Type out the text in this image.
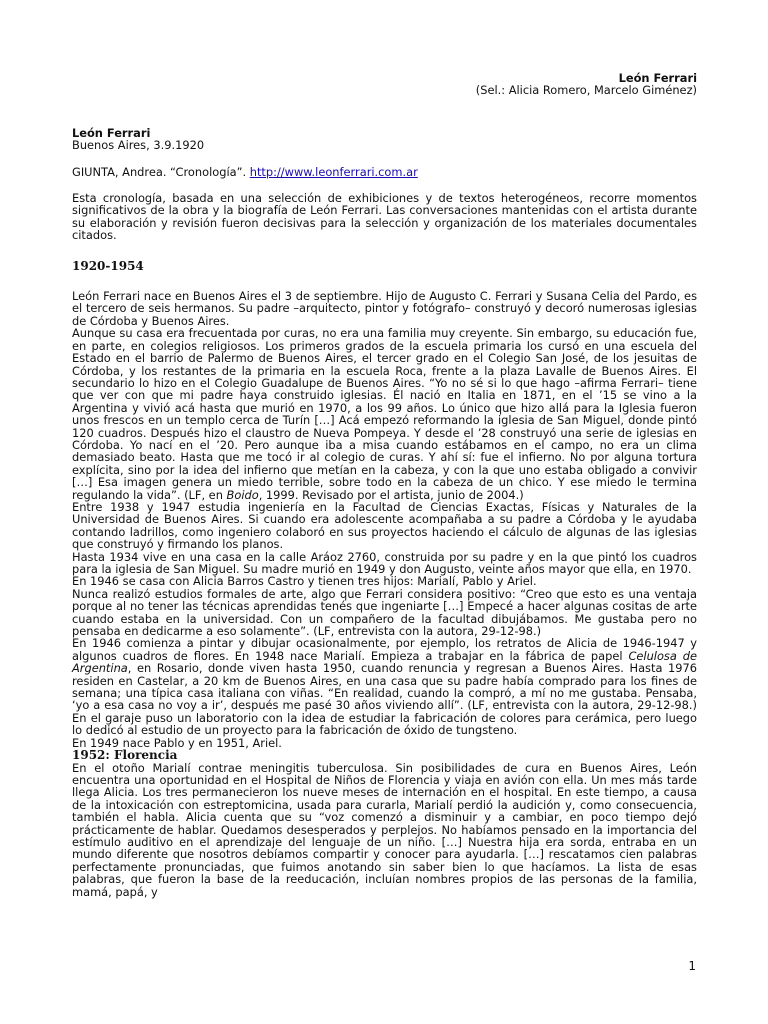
León Ferrari
(Sel.: Alicia Romero, Marcelo Giménez)
León Ferrari
Buenos Aires, 3.9.1920
GIUNTA, Andrea. “Cronología”. http://www.leonferrari.com.ar
Esta cronología, basada en una selección de exhibiciones y de textos heterogéneos, recorre momentos significativos de la obra y la biografía de León Ferrari. Las conversaciones mantenidas con el artista durante su elaboración y revisión fueron decisivas para la selección y organización de los materiales documentales citados.
1920-1954
León Ferrari nace en Buenos Aires el 3 de septiembre. Hijo de Augusto C. Ferrari y Susana Celia del Pardo, es el tercero de seis hermanos. Su padre –arquitecto, pintor y fotógrafo– construyó y decoró numerosas iglesias de Córdoba y Buenos Aires.
Aunque su casa era frecuentada por curas, no era una familia muy creyente. Sin embargo, su educación fue, en parte, en colegios religiosos. Los primeros grados de la escuela primaria los cursó en una escuela del Estado en el barrio de Palermo de Buenos Aires, el tercer grado en el Colegio San José, de los jesuitas de Córdoba, y los restantes de la primaria en la escuela Roca, frente a la plaza Lavalle de Buenos Aires. El secundario lo hizo en el Colegio Guadalupe de Buenos Aires. “Yo no sé si lo que hago –afirma Ferrari– tiene que ver con que mi padre haya construido iglesias. Él nació en Italia en 1871, en el ’15 se vino a la Argentina y vivió acá hasta que murió en 1970, a los 99 años. Lo único que hizo allá para la Iglesia fueron unos frescos en un templo cerca de Turín […] Acá empezó reformando la iglesia de San Miguel, donde pintó 120 cuadros. Después hizo el claustro de Nueva Pompeya. Y desde el ’28 construyó una serie de iglesias en Córdoba. Yo nací en el ’20. Pero aunque iba a misa cuando estábamos en el campo, no era un clima demasiado beato. Hasta que me tocó ir al colegio de curas. Y ahí sí: fue el infierno. No por alguna tortura explícita, sino por la idea del infierno que metían en la cabeza, y con la que uno estaba obligado a convivir […] Esa imagen genera un miedo terrible, sobre todo en la cabeza de un chico. Y ese miedo le termina regulando la vida”. (LF, en Boido, 1999. Revisado por el artista, junio de 2004.)
Entre 1938 y 1947 estudia ingeniería en la Facultad de Ciencias Exactas, Físicas y Naturales de la Universidad de Buenos Aires. Si cuando era adolescente acompañaba a su padre a Córdoba y le ayudaba contando ladrillos, como ingeniero colaboró en sus proyectos haciendo el cálculo de algunas de las iglesias que construyó y firmando los planos.
Hasta 1934 vive en una casa en la calle Aráoz 2760, construida por su padre y en la que pintó los cuadros para la iglesia de San Miguel. Su madre murió en 1949 y don Augusto, veinte años mayor que ella, en 1970.
En 1946 se casa con Alicia Barros Castro y tienen tres hijos: Marialí, Pablo y Ariel.
Nunca realizó estudios formales de arte, algo que Ferrari considera positivo: “Creo que esto es una ventaja porque al no tener las técnicas aprendidas tenés que ingeniarte […] Empecé a hacer algunas cositas de arte cuando estaba en la universidad. Con un compañero de la facultad dibujábamos. Me gustaba pero no pensaba en dedicarme a eso solamente”. (LF, entrevista con la autora, 29-12-98.)
En 1946 comienza a pintar y dibujar ocasionalmente, por ejemplo, los retratos de Alicia de 1946-1947 y algunos cuadros de flores. En 1948 nace Marialí. Empieza a trabajar en la fábrica de papel Celulosa de Argentina, en Rosario, donde viven hasta 1950, cuando renuncia y regresan a Buenos Aires. Hasta 1976 residen en Castelar, a 20 km de Buenos Aires, en una casa que su padre había comprado para los fines de semana; una típica casa italiana con viñas. “En realidad, cuando la compró, a mí no me gustaba. Pensaba, ‘yo a esa casa no voy a ir’, después me pasé 30 años viviendo allí”. (LF, entrevista con la autora, 29-12-98.) En el garaje puso un laboratorio con la idea de estudiar la fabricación de colores para cerámica, pero luego lo dedicó al estudio de un proyecto para la fabricación de óxido de tungsteno.
En 1949 nace Pablo y en 1951, Ariel.
1952: Florencia
En el otoño Marialí contrae meningitis tuberculosa. Sin posibilidades de cura en Buenos Aires, León encuentra una oportunidad en el Hospital de Niños de Florencia y viaja en avión con ella. Un mes más tarde llega Alicia. Los tres permanecieron los nueve meses de internación en el hospital. En este tiempo, a causa de la intoxicación con estreptomicina, usada para curarla, Marialí perdió la audición y, como consecuencia, también el habla. Alicia cuenta que su “voz comenzó a disminuir y a cambiar, en poco tiempo dejó prácticamente de hablar. Quedamos desesperados y perplejos. No habíamos pensado en la importancia del estímulo auditivo en el aprendizaje del lenguaje de un niño. […] Nuestra hija era sorda, entraba en un mundo diferente que nosotros debíamos compartir y conocer para ayudarla. […] rescatamos cien palabras perfectamente pronunciadas, que fuimos anotando sin saber bien lo que hacíamos. La lista de esas palabras, que fueron la base de la reeducación, incluían nombres propios de las personas de la familia, mamá, papá, y
1
